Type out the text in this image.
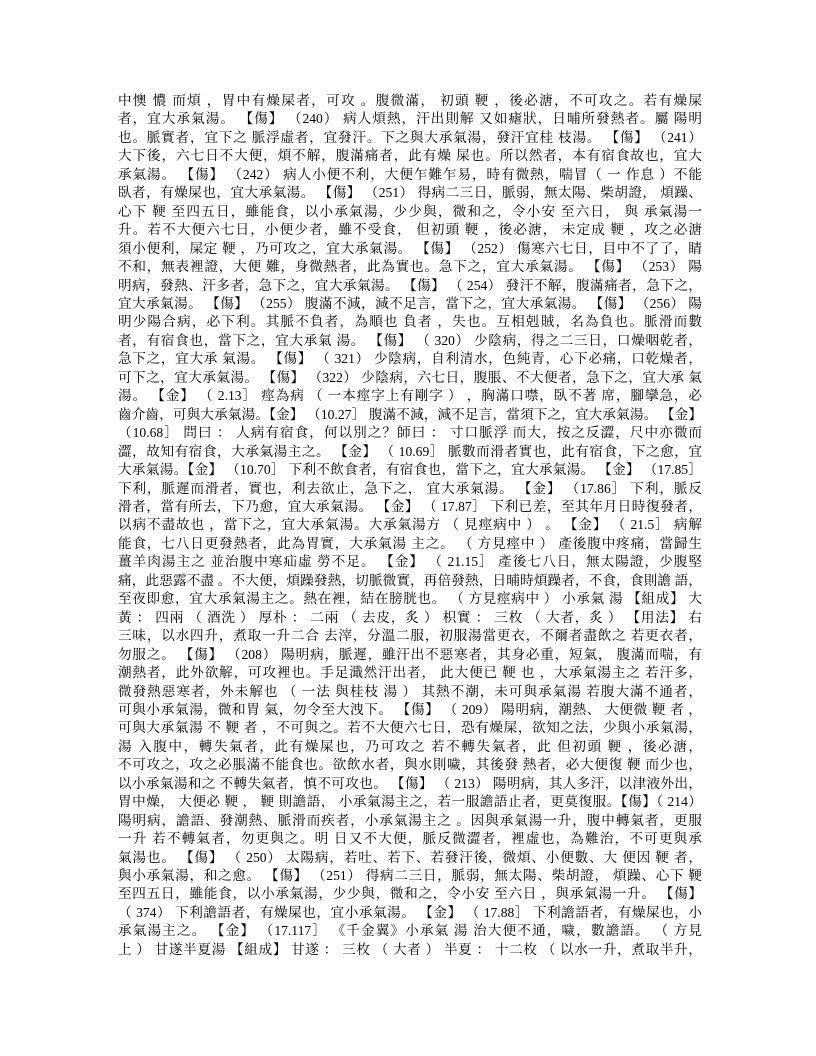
中懊 憹 而煩 ，胃中有燥屎者，可攻 。腹微滿， 初頭 鞕 ，後必溏，不可攻之。若有燥屎
者，宜大承氣湯。 【傷】 （240） 病人煩熱，汗出則解 又如瘧狀，日晡所發熱者。屬 陽明
也。脈實者，宜下之 脈浮虛者，宜發汗。下之與大承氣湯，發汗宜桂 枝湯。 【傷】 （241）
大下後，六七日不大便，煩不解，腹滿痛者，此有燥 屎也。所以然者，本有宿食故也，宜大
承氣湯。 【傷】 （242） 病人小便不利，大便乍難乍易，時有微熱，喘冒（ 一 作息 ）不能
臥者，有燥屎也，宜大承氣湯。 【傷】 （251） 得病二三日，脈弱，無太陽、柴胡證， 煩躁、
心下 鞕 至四五日，雖能食，以小承氣湯，少少與，微和之，令小安 至六日， 與 承氣湯一
升。若不大便六七日，小便少者，雖不受食， 但初頭 鞕 ，後必溏， 未定成 鞕 ，攻之必溏
須小便利，屎定 鞕 ，乃可攻之，宜大承氣湯。 【傷】 （252） 傷寒六七日，目中不了了，睛
不和，無表裡證，大便 難，身微熱者，此為實也。急下之，宜大承氣湯。 【傷】 （253） 陽
明病，發熱、汗多者，急下之，宜大承氣湯。 【傷】 （ 254） 發汗不解，腹滿痛者，急下之，
宜大承氣湯。 【傷】 （255） 腹滿不減，減不足言，當下之，宜大承氣湯。 【傷】 （256） 陽
明少陽合病，必下利。其脈不負者，為順也 負者 ，失也。互相剋賊，名為負也。脈滑而數
者，有宿食也，當下之，宜大承氣 湯。 【傷】 （ 320） 少陰病，得之二三日，口燥咽乾者，
急下之，宜大承 氣湯。 【傷】 （ 321） 少陰病，自利清水，色純青，心下必痛，口乾燥者，
可下之，宜大承氣湯。 【傷】 （322） 少陰病，六七日，腹脹、不大便者，急下之，宜大承 氣
湯。 【金】 （ 2.13］ 痙為病 （ 一本痙字上有剛字 ） ，胸滿口噤，臥不著 席，腳攣急，必
齒介齒，可與大承氣湯。【金】 （10.27］ 腹滿不減，減不足言，當須下之，宜大承氣湯。 【金】
（10.68］ 問曰 ： 人病有宿食，何以別之？師曰 ： 寸口脈浮 而大，按之反澀，尺中亦微而
澀，故知有宿食，大承氣湯主之。 【金】 （ 10.69］ 脈數而滑者實也，此有宿食，下之愈，宜
大承氣湯。【金】 （10.70］ 下利不飲食者，有宿食也，當下之，宜大承氣湯。 【金】 （17.85］
下利，脈遲而滑者，實也，利去欲止，急下之， 宜大承氣湯。 【金】 （17.86］ 下利，脈反
滑者，當有所去，下乃愈，宜大承氣湯。 【金】 （ 17.87］ 下利已差，至其年月日時復發者，
以病不盡故也 ，當下之，宜大承氣湯。大承氣湯方 （ 見痙病中 ） 。 【金】 （ 21.5］ 病解
能食，七八日更發熱者，此為胃實，大承氣湯 主之。 （ 方見痙中 ） 產後腹中疼痛，當歸生
薑羊肉湯主之 並治腹中寒疝虛 勞不足。 【金】 （ 21.15］ 產後七八日，無太陽證，少腹堅
痛，此惡露不盡 。不大便，煩躁發熱，切脈微實，再倍發熱，日晡時煩躁者，不食，食則譫 語，
至夜即愈，宜大承氣湯主之。熱在裡，結在膀胱也。 （ 方見痙病中 ） 小承氣 湯 【組成】 大
黃 ： 四兩 （ 酒洗 ） 厚朴 ： 二兩 （ 去皮，炙 ） 枳實 ： 三枚 （ 大者，炙 ） 【用法】 右
三味，以水四升，煮取一升二合 去滓，分溫二服，初服湯當更衣，不爾者盡飲之 若更衣者，
勿服之。 【傷】 （208） 陽明病，脈遲，雖汗出不惡寒者，其身必重，短氣， 腹滿而喘，有
潮熱者，此外欲解，可攻裡也。手足濈然汗出者， 此大便已 鞕 也 ，大承氣湯主之 若汗多，
微發熱惡寒者，外未解也 （ 一法 與桂枝 湯 ） 其熱不潮，未可與承氣湯 若腹大滿不通者，
可與小承氣湯，微和胃 氣，勿令至大洩下。 【傷】 （ 209） 陽明病，潮熱、 大便微 鞕 者 ，
可與大承氣湯 不 鞕 者 ，不可與之。若不大便六七日，恐有燥屎，欲知之法，少與小承氣湯，
湯 入腹中，轉失氣者，此有燥屎也，乃可攻之 若不轉失氣者，此 但初頭 鞕 ，後必溏，
不可攻之，攻之必脹滿不能食也。欲飲水者，與水則噦，其後發 熱者，必大便復 鞕 而少也，
以小承氣湯和之 不轉失氣者，慎不可攻也。 【傷】 （ 213） 陽明病，其人多汗，以津液外出，
胃中燥， 大便必 鞕 ， 鞕 則譫語， 小承氣湯主之，若一服譫語止者，更莫復服。【傷】（ 214）
陽明病，譫語、發潮熱、脈滑而疾者，小承氣湯主之 。因與承氣湯一升，腹中轉氣者，更服
一升 若不轉氣者，勿更與之。明 日又不大便，脈反微澀者，裡虛也，為難治，不可更與承
氣湯也。 【傷】 （ 250） 太陽病，若吐、若下、若發汗後，微煩、小便數、大 便因 鞕 者，
與小承氣湯，和之愈。 【傷】 （251） 得病二三日，脈弱，無太陽、柴胡證， 煩躁、心下 鞕
至四五日，雖能食，以小承氣湯，少少與，微和之，令小安 至六日 ，與承氣湯一升。 【傷】
（ 374） 下利譫語者，有燥屎也，宜小承氣湯。 【金】 （ 17.88］ 下利譫語者，有燥屎也，小
承氣湯主之。 【金】 （17.117］ 《千金翼》小承氣 湯 治大便不通，噦，數譫語。 （ 方見
上 ） 甘遂半夏湯 【組成】 甘遂 ： 三枚 （ 大者 ） 半夏 ： 十二枚 （ 以水一升，煮取半升，
